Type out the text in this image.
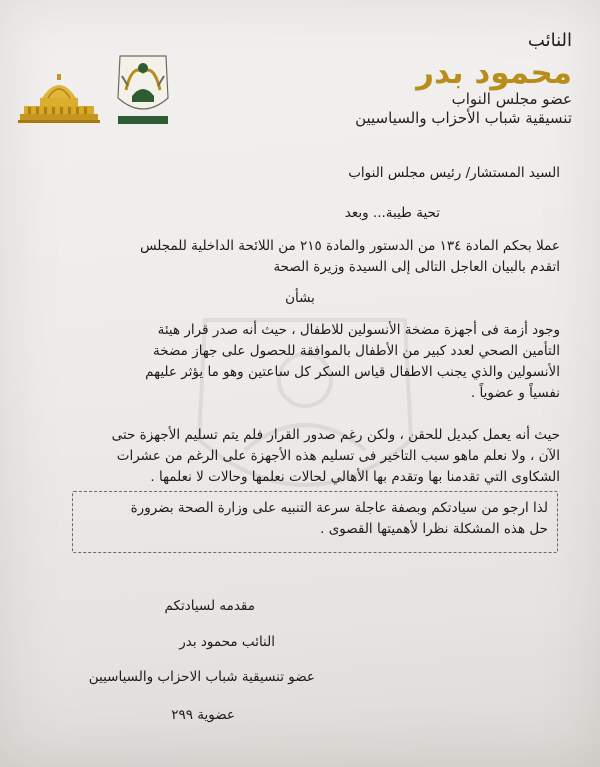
النائب
محمود بدر
عضو مجلس النواب
تنسيقية شباب الأحزاب والسياسيين
السيد المستشار/ رئيس مجلس النواب
تحية طيبة... وبعد
عملا بحكم المادة ١٣٤ من الدستور والمادة ٢١٥ من اللائحة الداخلية للمجلس
اتقدم بالبيان العاجل التالى إلى السيدة وزيرة الصحة
بشأن
وجود أزمة فى أجهزة مضخة الأنسولين للاطفال ، حيث أنه صدر قرار هيئة
التأمين الصحي لعدد كبير من الأطفال بالموافقة للحصول على جهاز مضخة
الأنسولين والذي يجنب الاطفال قياس السكر كل ساعتين وهو ما يؤثر عليهم
نفسياً و عضوياً .
حيث أنه يعمل كبديل للحقن ، ولكن رغم صدور القرار فلم يتم تسليم الأجهزة حتى
الآن ، ولا نعلم ماهو سبب التاخير فى تسليم هذه الأجهزة على الرغم من عشرات
الشكاوى التي تقدمنا بها وتقدم بها الأهالي لحالات نعلمها وحالات لا نعلمها .
لذا ارجو من سيادتكم وبصفة عاجلة سرعة التنبيه على وزارة الصحة بضرورة
حل هذه المشكلة نظرا لأهميتها القصوى .
مقدمه لسيادتكم
النائب محمود بدر
عضو تنسيقية شباب الاحزاب والسياسيين
عضوية ٢٩٩
